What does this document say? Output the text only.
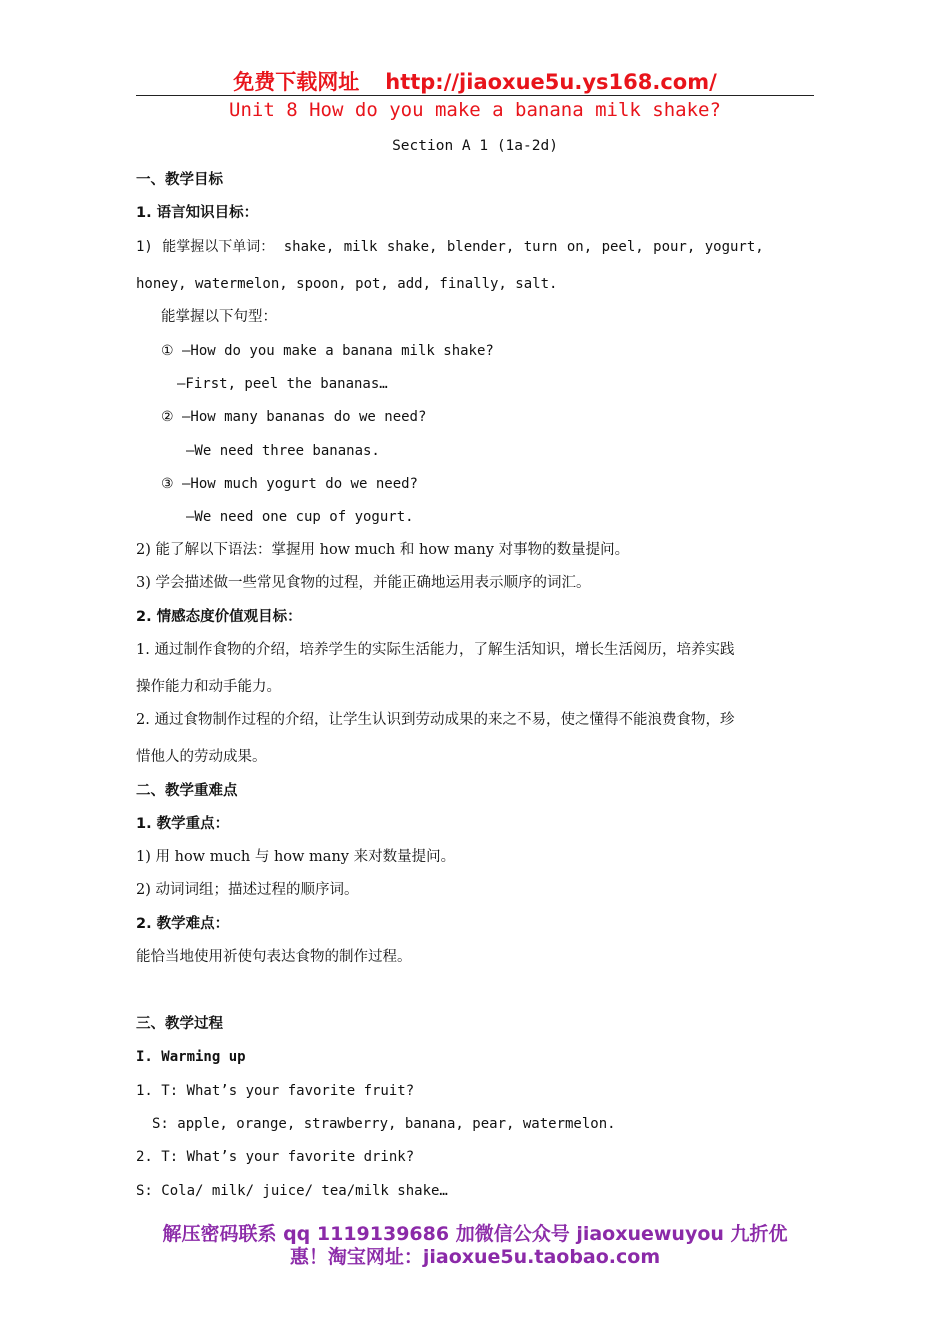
免费下载网址 http://jiaoxue5u.ys168.com/
Unit 8 How do you make a banana milk shake?
Section A 1 (1a-2d)
一、教学目标
1. 语言知识目标：
1) 能掌握以下单词： shake, milk shake, blender, turn on, peel, pour, yogurt,
honey, watermelon, spoon, pot, add, finally, salt.
能掌握以下句型：
① —How do you make a banana milk shake?
—First, peel the bananas…
② —How many bananas do we need?
—We need three bananas.
③ —How much yogurt do we need?
—We need one cup of yogurt.
2) 能了解以下语法：掌握用 how much 和 how many 对事物的数量提问。
3) 学会描述做一些常见食物的过程，并能正确地运用表示顺序的词汇。
2. 情感态度价值观目标：
1. 通过制作食物的介绍，培养学生的实际生活能力，了解生活知识，增长生活阅历，培养实践
操作能力和动手能力。
2. 通过食物制作过程的介绍，让学生认识到劳动成果的来之不易，使之懂得不能浪费食物，珍
惜他人的劳动成果。
二、教学重难点
1. 教学重点：
1) 用 how much 与 how many 来对数量提问。
2) 动词词组；描述过程的顺序词。
2. 教学难点：
能恰当地使用祈使句表达食物的制作过程。
三、教学过程
I. Warming up
1. T: What’s your favorite fruit?
S: apple, orange, strawberry, banana, pear, watermelon.
2. T: What’s your favorite drink?
S: Cola/ milk/ juice/ tea/milk shake…
解压密码联系 qq 1119139686 加微信公众号 jiaoxuewuyou 九折优
惠！淘宝网址：jiaoxue5u.taobao.com
